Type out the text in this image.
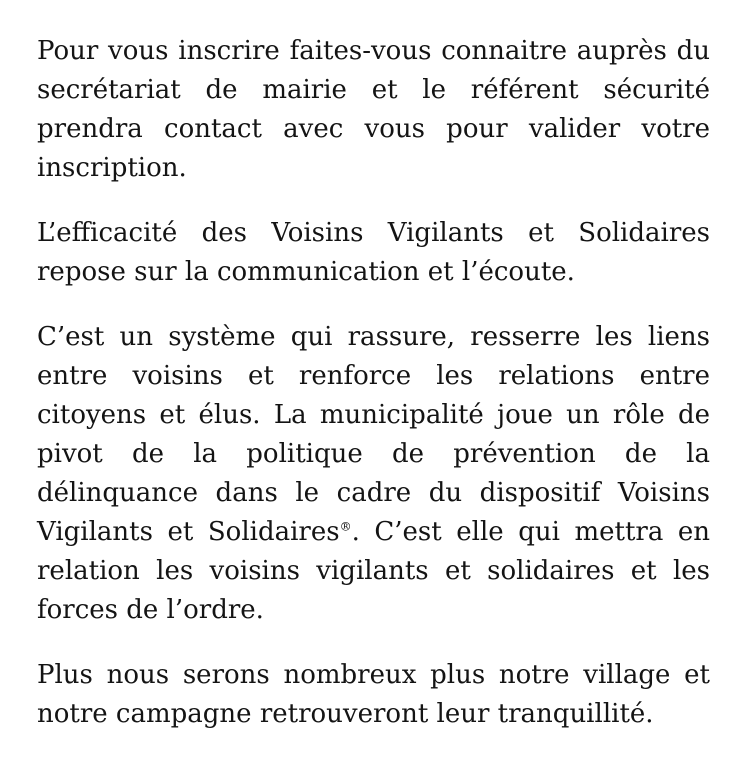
Pour vous inscrire faites-vous connaitre auprès du secrétariat de mairie et le référent sécurité prendra contact avec vous pour valider votre inscription.

L’efficacité des Voisins Vigilants et Solidaires repose sur la communication et l’écoute.

C’est un système qui rassure, resserre les liens entre voisins et renforce les relations entre citoyens et élus. La municipalité joue un rôle de pivot de la politique de prévention de la délinquance dans le cadre du dispositif Voisins Vigilants et Solidaires®. C’est elle qui mettra en relation les voisins vigilants et solidaires et les forces de l’ordre.

Plus nous serons nombreux plus notre village et notre campagne retrouveront leur tranquillité.
